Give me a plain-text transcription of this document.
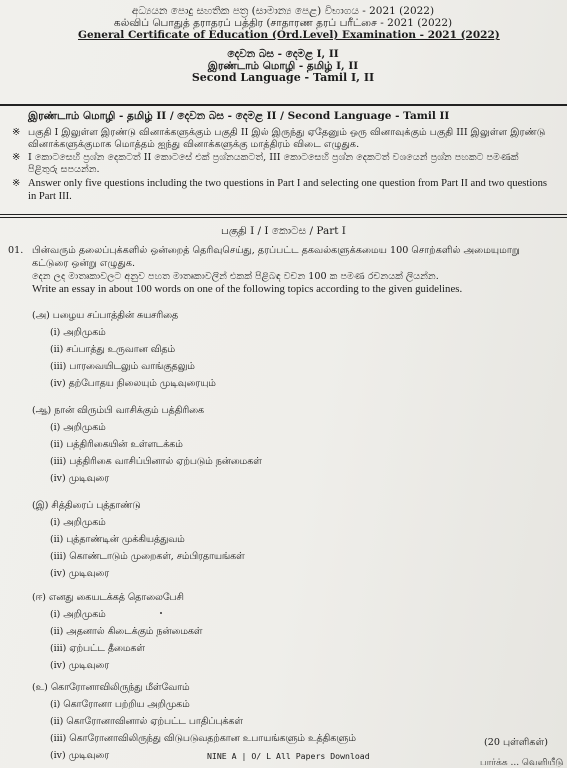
අධ්‍යයන පොදු සහතික පත්‍ර (සාමාන්‍ය පෙළ) විභාගය - 2021 (2022)
கல்விப் பொதுத் தராதரப் பத்திர (சாதாரண தரப் பரீட்சை - 2021 (2022)
General Certificate of Education (Ord.Level) Examination - 2021 (2022)
දෙවන බස - දෙමළ I, II
இரண்டாம் மொழி - தமிழ் I, II
Second Language - Tamil I, II
இரண்டாம் மொழி - தமிழ் II / දෙවන බස - දෙමළ II / Second Language - Tamil II
※ பகுதி I இலுள்ள இரண்டு வினாக்களுக்கும் பகுதி II இல் இருந்து ஏதேனும் ஒரு வினாவுக்கும் பகுதி III இலுள்ள இரண்டு வினாக்களுக்குமாக மொத்தம் ஐந்து வினாக்களுக்கு மாத்திரம் விடை எழுதுக.
※ I කොටසෙහි ප්‍රශ්න දෙකටත් II කොටසේ එක් ප්‍රශ්නයකටත්, III කොටසෙහි ප්‍රශ්න දෙකටත් වශයෙන් ප්‍රශ්න පහකට පමණක් පිළිතුරු සපයන්න.
※ Answer only five questions including the two questions in Part I and selecting one question from Part II and two questions in Part III.
பகுதி I / I කොටස / Part I
01. பின்வரும் தலைப்புக்களில் ஒன்றைத் தெரிவுசெய்து, தரப்பட்ட தகவல்களுக்கமைய 100 சொற்களில் அமையுமாறு கட்டுரை ஒன்று எழுதுக.
දෙන ලද මාතෘකාවලට අනුව පහත මාතෘකාවලින් එකක් පිළිබඳ වචන 100 ක පමණ රචනයක් ලියන්න.
Write an essay in about 100 words on one of the following topics according to the given guidelines.
(அ) பழைய சப்பாத்தின் சுயசரிதை
(i) அறிமுகம்
(ii) சப்பாத்து உருவான விதம்
(iii) பாரவையிடலும் வாங்குதலும்
(iv) தற்போதய நிலையும் முடிவுரையும்
(ஆ) நான் விரும்பி வாசிக்கும் பத்திரிகை
(i) அறிமுகம்
(ii) பத்திரிகையின் உள்ளடக்கம்
(iii) பத்திரிகை வாசிப்பினால் ஏற்படும் நன்மைகள்
(iv) முடிவுரை
(இ) சித்திரைப் புத்தாண்டு
(i) அறிமுகம்
(ii) புத்தாண்டின் முக்கியத்துவம்
(iii) கொண்டாடும் முறைகள், சம்பிரதாயங்கள்
(iv) முடிவுரை
(ஈ) எனது கையடக்கத் தொலைபேசி
(i) அறிமுகம்
(ii) அதனால் கிடைக்கும் நன்மைகள்
(iii) ஏற்பட்ட தீமைகள்
(iv) முடிவுரை
(உ) கொரோனாவிலிருந்து மீள்வோம்
(i) கொரோனா பற்றிய அறிமுகம்
(ii) கொரோனாவினால் ஏற்பட்ட பாதிப்புக்கள்
(iii) கொரோனாவிலிருந்து விடுபடுவதற்கான உபாயங்களும் உத்திகளும்
(iv) முடிவுரை
(20 புள்ளிகள்)
NINE A | O/ L All Papers Download
பார்க்க ... வெளியீடு
